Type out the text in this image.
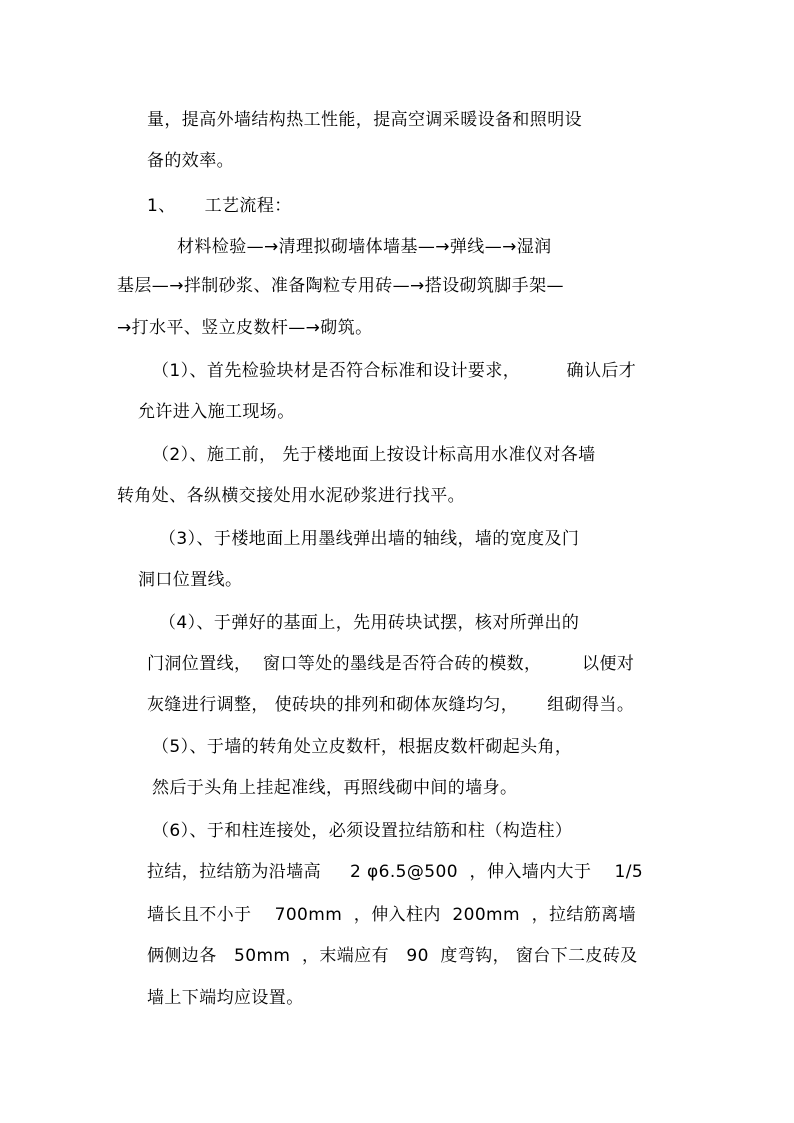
量，提高外墙结构热工性能，提高空调采暖设备和照明设
备的效率。
1、     工艺流程：
材料检验—→清理拟砌墙体墙基—→弹线—→湿润
基层—→拌制砂浆、准备陶粒专用砖—→搭设砌筑脚手架—
→打水平、竖立皮数杆—→砌筑。
（1）、首先检验块材是否符合标准和设计要求，        确认后才
允许进入施工现场。
（2）、施工前， 先于楼地面上按设计标高用水准仪对各墙
转角处、各纵横交接处用水泥砂浆进行找平。
（3）、于楼地面上用墨线弹出墙的轴线，墙的宽度及门
洞口位置线。
（4）、于弹好的基面上，先用砖块试摆，核对所弹出的
门洞位置线，  窗口等处的墨线是否符合砖的模数，       以便对
灰缝进行调整， 使砖块的排列和砌体灰缝均匀，     组砌得当。
（5）、于墙的转角处立皮数杆，根据皮数杆砌起头角，
然后于头角上挂起准线，再照线砌中间的墙身。
（6）、于和柱连接处，必须设置拉结筋和柱（构造柱）
拉结，拉结筋为沿墙高     2 φ6.5@500  ，伸入墙内大于    1/5
墙长且不小于    700mm  ，伸入柱内  200mm  ，拉结筋离墙
俩侧边各   50mm  ，末端应有   90  度弯钩， 窗台下二皮砖及
墙上下端均应设置。
